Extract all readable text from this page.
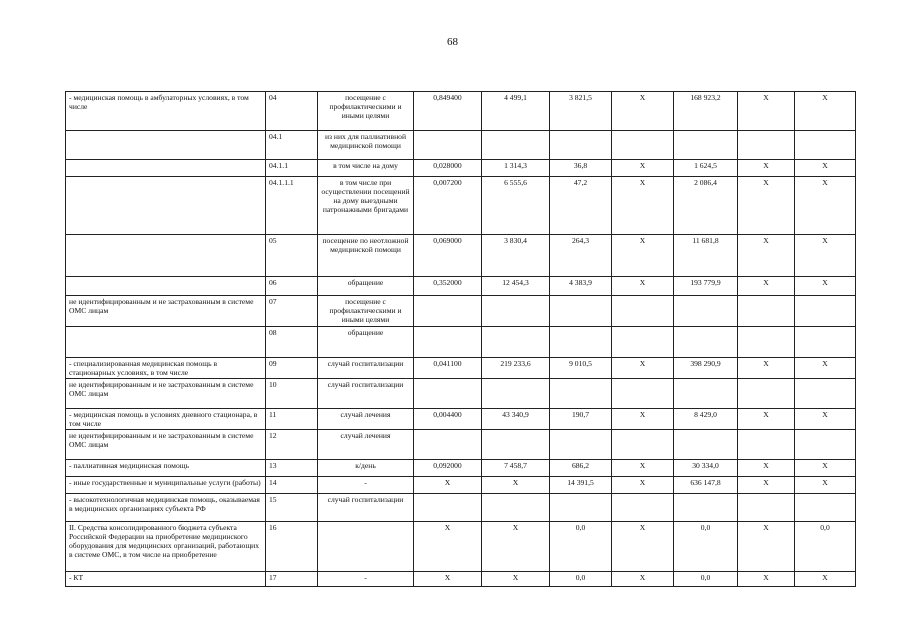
68
- медицинская помощь в амбулаторных условиях, в том числе	04	посещение с профилактическими и иными целями	0,849400	4 499,1	3 821,5	X	168 923,2	X	X
	04.1	из них для паллиативной медицинской помощи							
	04.1.1	в том числе на дому	0,028000	1 314,3	36,8	X	1 624,5	X	X
	04.1.1.1	в том числе при осуществлении посещений на дому выездными патронажными бригадами	0,007200	6 555,6	47,2	X	2 086,4	X	X
	05	посещение по неотложной медицинской помощи	0,069000	3 830,4	264,3	X	11 681,8	X	X
	06	обращение	0,352000	12 454,3	4 383,9	X	193 779,9	X	X
не идентифицированным и не застрахованным в системе ОМС лицам	07	посещение с профилактическими и иными целями							
	08	обращение							
- специализированная медицинская помощь в стационарных условиях, в том числе	09	случай госпитализации	0,041100	219 233,6	9 010,5	X	398 290,9	X	X
не идентифицированным и не застрахованным в системе ОМС лицам	10	случай госпитализации							
- медицинская помощь в условиях дневного стационара, в том числе	11	случай лечения	0,004400	43 340,9	190,7	X	8 429,0	X	X
не идентифицированным и не застрахованным в системе ОМС лицам	12	случай лечения							
- паллиативная медицинская помощь	13	к/день	0,092000	7 458,7	686,2	X	30 334,0	X	X
- иные государственные и муниципальные услуги (работы)	14	-	X	X	14 391,5	X	636 147,8	X	X
- высокотехнологичная медицинская помощь, оказываемая в медицинских организациях субъекта РФ	15	случай госпитализации							
II. Средства консолидированного бюджета субъекта Российской Федерации на приобретение медицинского оборудования для медицинских организаций, работающих в системе ОМС, в том числе на приобретение	16		X	X	0,0	X	0,0	X	0,0
- КТ	17	-	X	X	0,0	X	0,0	X	X
